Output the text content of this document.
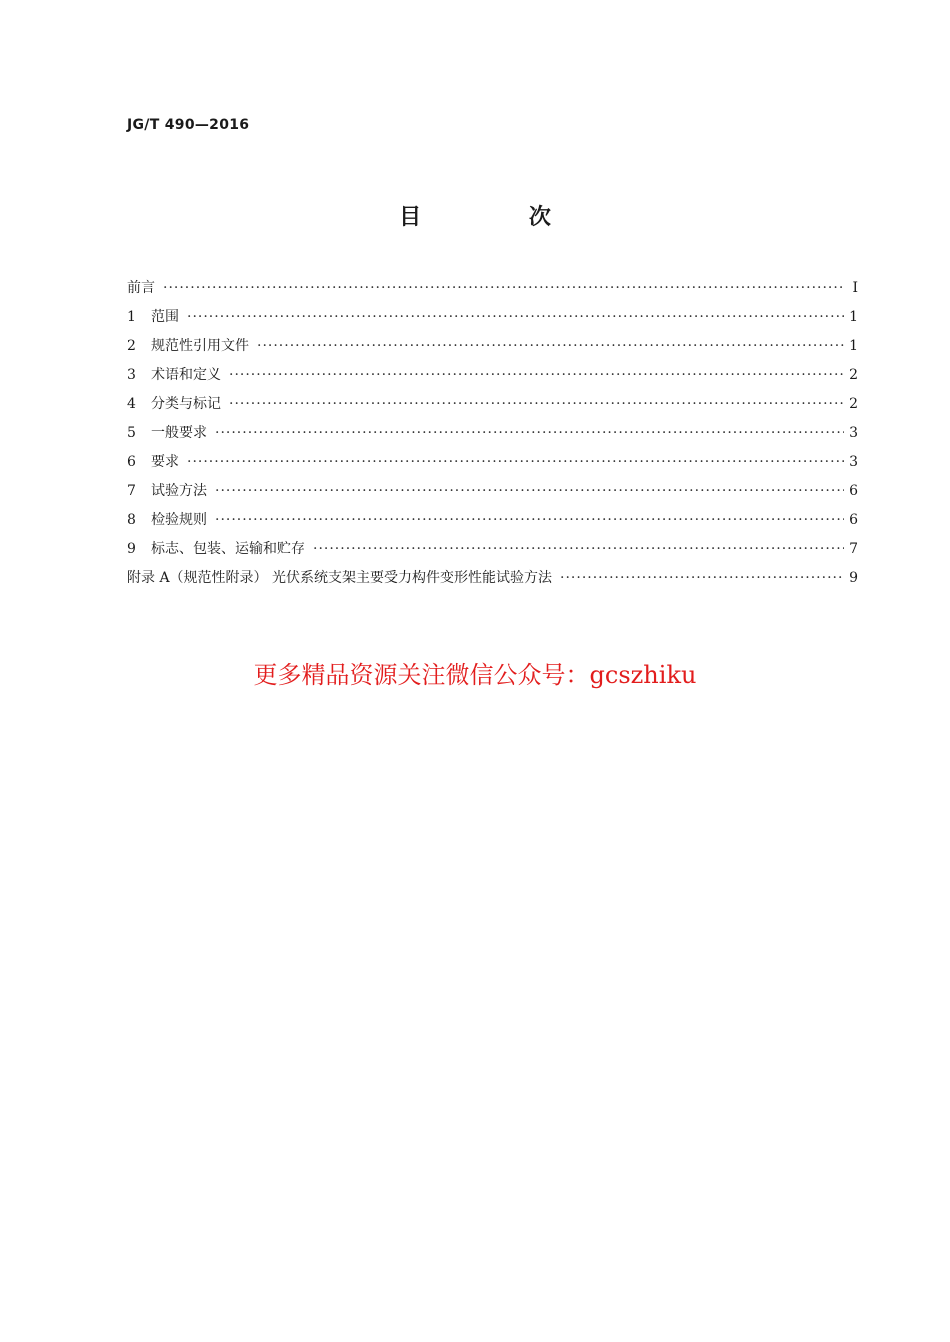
JG/T 490—2016
目 次
前言 ·····	Ⅰ
1	范围 ·····	1
2	规范性引用文件 ·····	1
3	术语和定义 ·····	2
4	分类与标记 ·····	2
5	一般要求 ·····	3
6	要求 ·····	3
7	试验方法 ·····	6
8	检验规则 ·····	6
9	标志、包装、运输和贮存 ·····	7
附录 A（规范性附录） 光伏系统支架主要受力构件变形性能试验方法 ·····	9
更多精品资源关注微信公众号：gcszhiku
